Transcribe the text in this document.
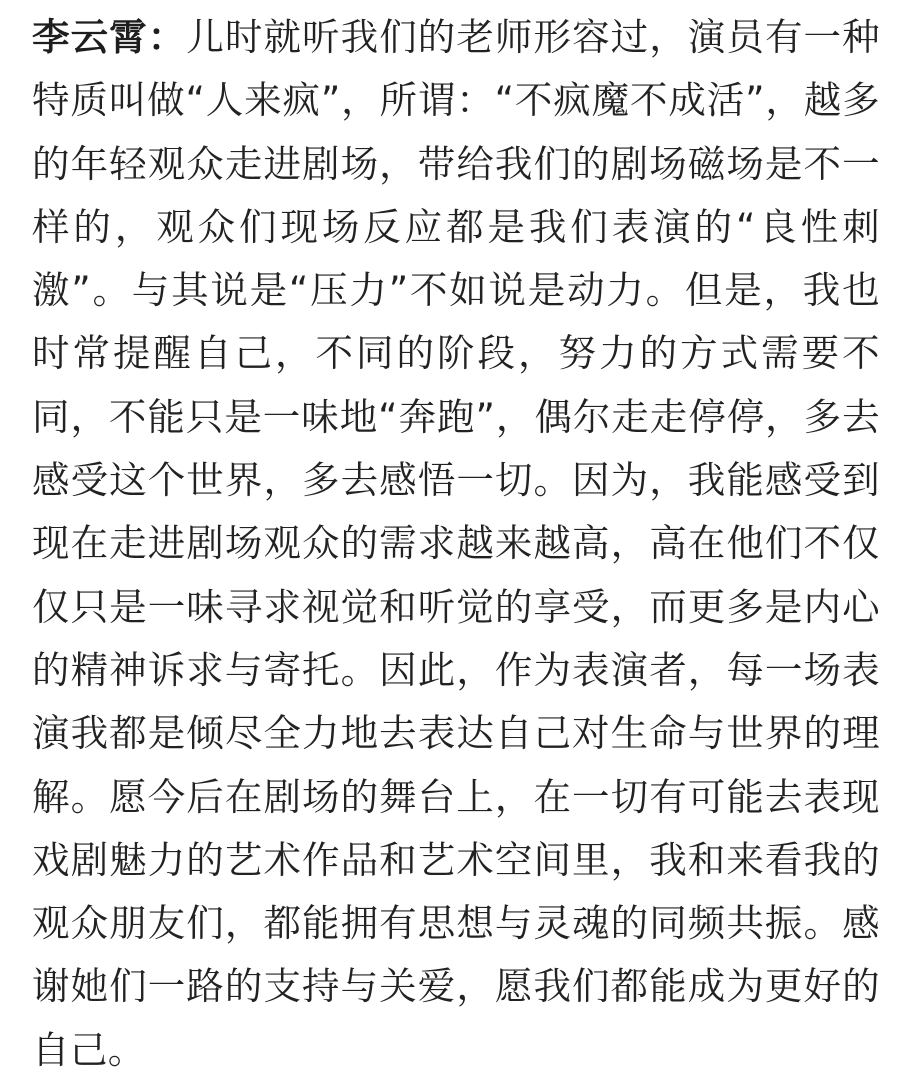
李云霄：儿时就听我们的老师形容过，演员有一种特质叫做“人来疯”，所谓：“不疯魔不成活”，越多的年轻观众走进剧场，带给我们的剧场磁场是不一样的，观众们现场反应都是我们表演的“良性刺激”。与其说是“压力”不如说是动力。但是，我也时常提醒自己，不同的阶段，努力的方式需要不同，不能只是一味地“奔跑”，偶尔走走停停，多去感受这个世界，多去感悟一切。因为，我能感受到现在走进剧场观众的需求越来越高，高在他们不仅仅只是一味寻求视觉和听觉的享受，而更多是内心的精神诉求与寄托。因此，作为表演者，每一场表演我都是倾尽全力地去表达自己对生命与世界的理解。愿今后在剧场的舞台上，在一切有可能去表现戏剧魅力的艺术作品和艺术空间里，我和来看我的观众朋友们，都能拥有思想与灵魂的同频共振。感谢她们一路的支持与关爱，愿我们都能成为更好的自己。
